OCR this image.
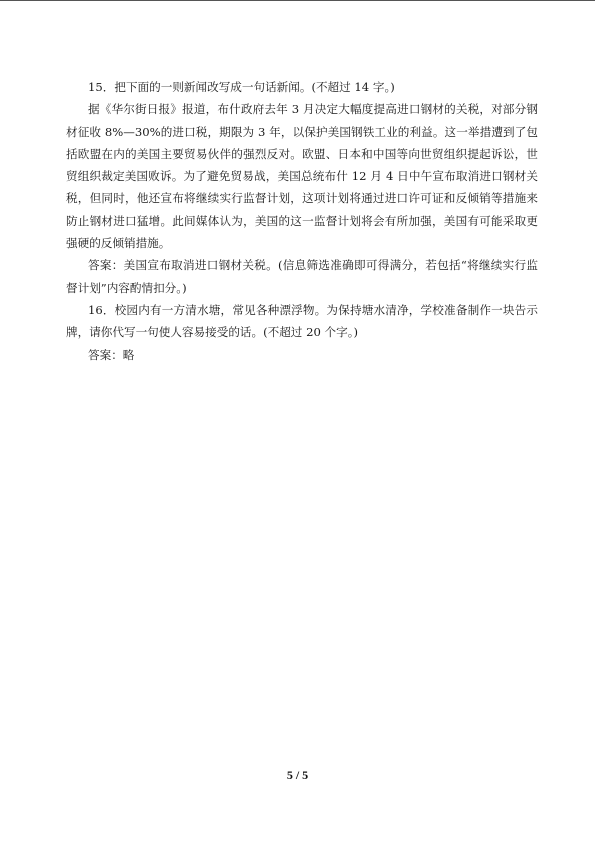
15．把下面的一则新闻改写成一句话新闻。(不超过 14 字。)

据《华尔街日报》报道，布什政府去年 3 月决定大幅度提高进口钢材的关税，对部分钢材征收 8%—30%的进口税，期限为 3 年，以保护美国钢铁工业的利益。这一举措遭到了包括欧盟在内的美国主要贸易伙伴的强烈反对。欧盟、日本和中国等向世贸组织提起诉讼，世贸组织裁定美国败诉。为了避免贸易战，美国总统布什 12 月 4 日中午宣布取消进口钢材关税，但同时，他还宣布将继续实行监督计划，这项计划将通过进口许可证和反倾销等措施来防止钢材进口猛增。此间媒体认为，美国的这一监督计划将会有所加强，美国有可能采取更强硬的反倾销措施。

答案：美国宣布取消进口钢材关税。(信息筛选准确即可得满分，若包括“将继续实行监督计划”内容酌情扣分。)

16．校园内有一方清水塘，常见各种漂浮物。为保持塘水清净，学校准备制作一块告示牌，请你代写一句使人容易接受的话。(不超过 20 个字。)

答案：略

5 / 5
